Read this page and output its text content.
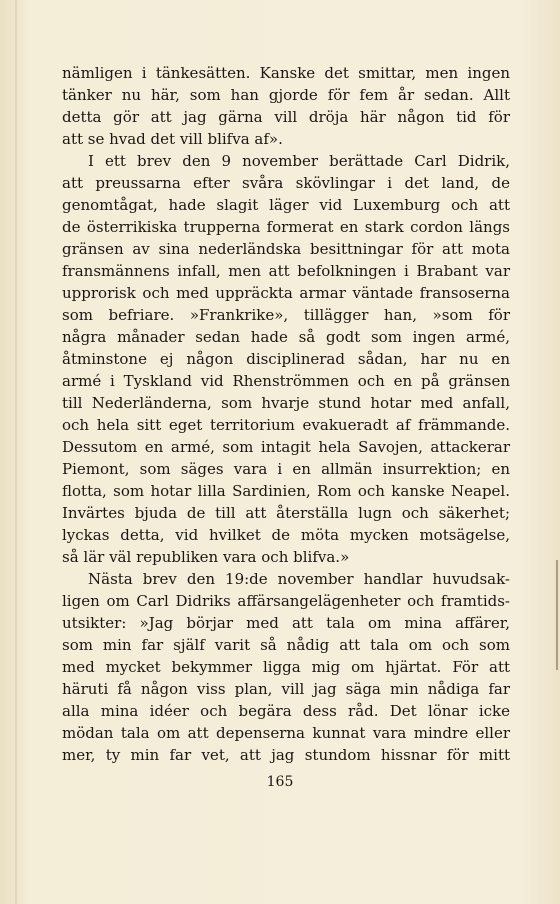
nämligen i tänkesätten. Kanske det smittar, men ingen
tänker nu här, som han gjorde för fem år sedan. Allt
detta gör att jag gärna vill dröja här någon tid för
att se hvad det vill blifva af».
I ett brev den 9 november berättade Carl Didrik,
att preussarna efter svåra skövlingar i det land, de
genomtågat, hade slagit läger vid Luxemburg och att
de österrikiska trupperna formerat en stark cordon längs
gränsen av sina nederländska besittningar för att mota
fransmännens infall, men att befolkningen i Brabant var
upprorisk och med uppräckta armar väntade fransoserna
som befriare. »Frankrike», tillägger han, »som för
några månader sedan hade så godt som ingen armé,
åtminstone ej någon disciplinerad sådan, har nu en
armé i Tyskland vid Rhenströmmen och en på gränsen
till Nederländerna, som hvarje stund hotar med anfall,
och hela sitt eget territorium evakueradt af främmande.
Dessutom en armé, som intagit hela Savojen, attackerar
Piemont, som säges vara i en allmän insurrektion; en
flotta, som hotar lilla Sardinien, Rom och kanske Neapel.
Invärtes bjuda de till att återställa lugn och säkerhet;
lyckas detta, vid hvilket de möta mycken motsägelse,
så lär väl republiken vara och blifva.»
Nästa brev den 19:de november handlar huvudsak-
ligen om Carl Didriks affärsangelägenheter och framtids-
utsikter: »Jag börjar med att tala om mina affärer,
som min far själf varit så nådig att tala om och som
med mycket bekymmer ligga mig om hjärtat. För att
häruti få någon viss plan, vill jag säga min nådiga far
alla mina idéer och begära dess råd. Det lönar icke
mödan tala om att depenserna kunnat vara mindre eller
mer, ty min far vet, att jag stundom hissnar för mitt
165
